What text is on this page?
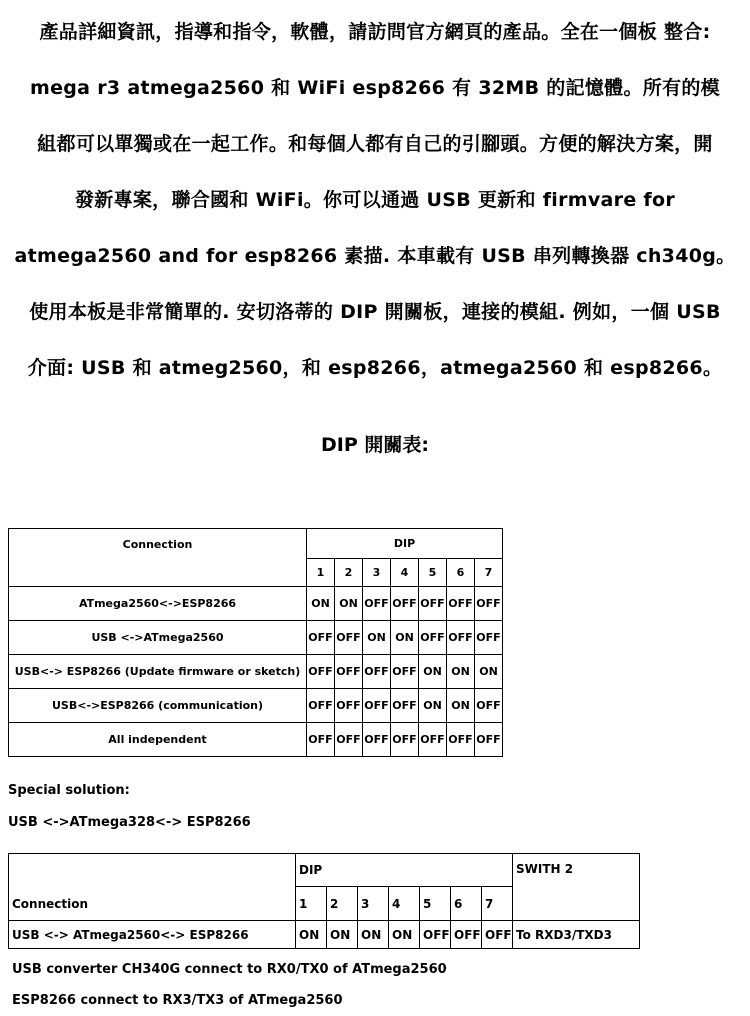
產品詳細資訊，指導和指令，軟體，請訪問官方網頁的產品。全在一個板 整合:
mega r3 atmega2560 和 WiFi esp8266 有 32MB 的記憶體。所有的模
組都可以單獨或在一起工作。和每個人都有自己的引腳頭。方便的解決方案，開
發新專案，聯合國和 WiFi。你可以通過 USB 更新和 firmvare for
atmega2560 and for esp8266 素描. 本車載有 USB 串列轉換器 ch340g。
使用本板是非常簡單的. 安切洛蒂的 DIP 開關板，連接的模組. 例如，一個 USB
介面: USB 和 atmeg2560，和 esp8266，atmega2560 和 esp8266。
DIP 開關表:
Connection	DIP						
	1	2	3	4	5	6	7
ATmega2560<->ESP8266	ON	ON	OFF	OFF	OFF	OFF	OFF
USB <->ATmega2560	OFF	OFF	ON	ON	OFF	OFF	OFF
USB<-> ESP8266 (Update firmware or sketch)	OFF	OFF	OFF	OFF	ON	ON	ON
USB<->ESP8266 (communication)	OFF	OFF	OFF	OFF	ON	ON	OFF
All independent	OFF	OFF	OFF	OFF	OFF	OFF	OFF
Special solution:
USB <->ATmega328<-> ESP8266
Connection	DIP							SWITH 2
	1	2	3	4	5	6	7	
USB <-> ATmega2560<-> ESP8266	ON	ON	ON	ON	OFF	OFF	OFF	To RXD3/TXD3
USB converter CH340G connect to RX0/TX0 of ATmega2560
ESP8266 connect to RX3/TX3 of ATmega2560
